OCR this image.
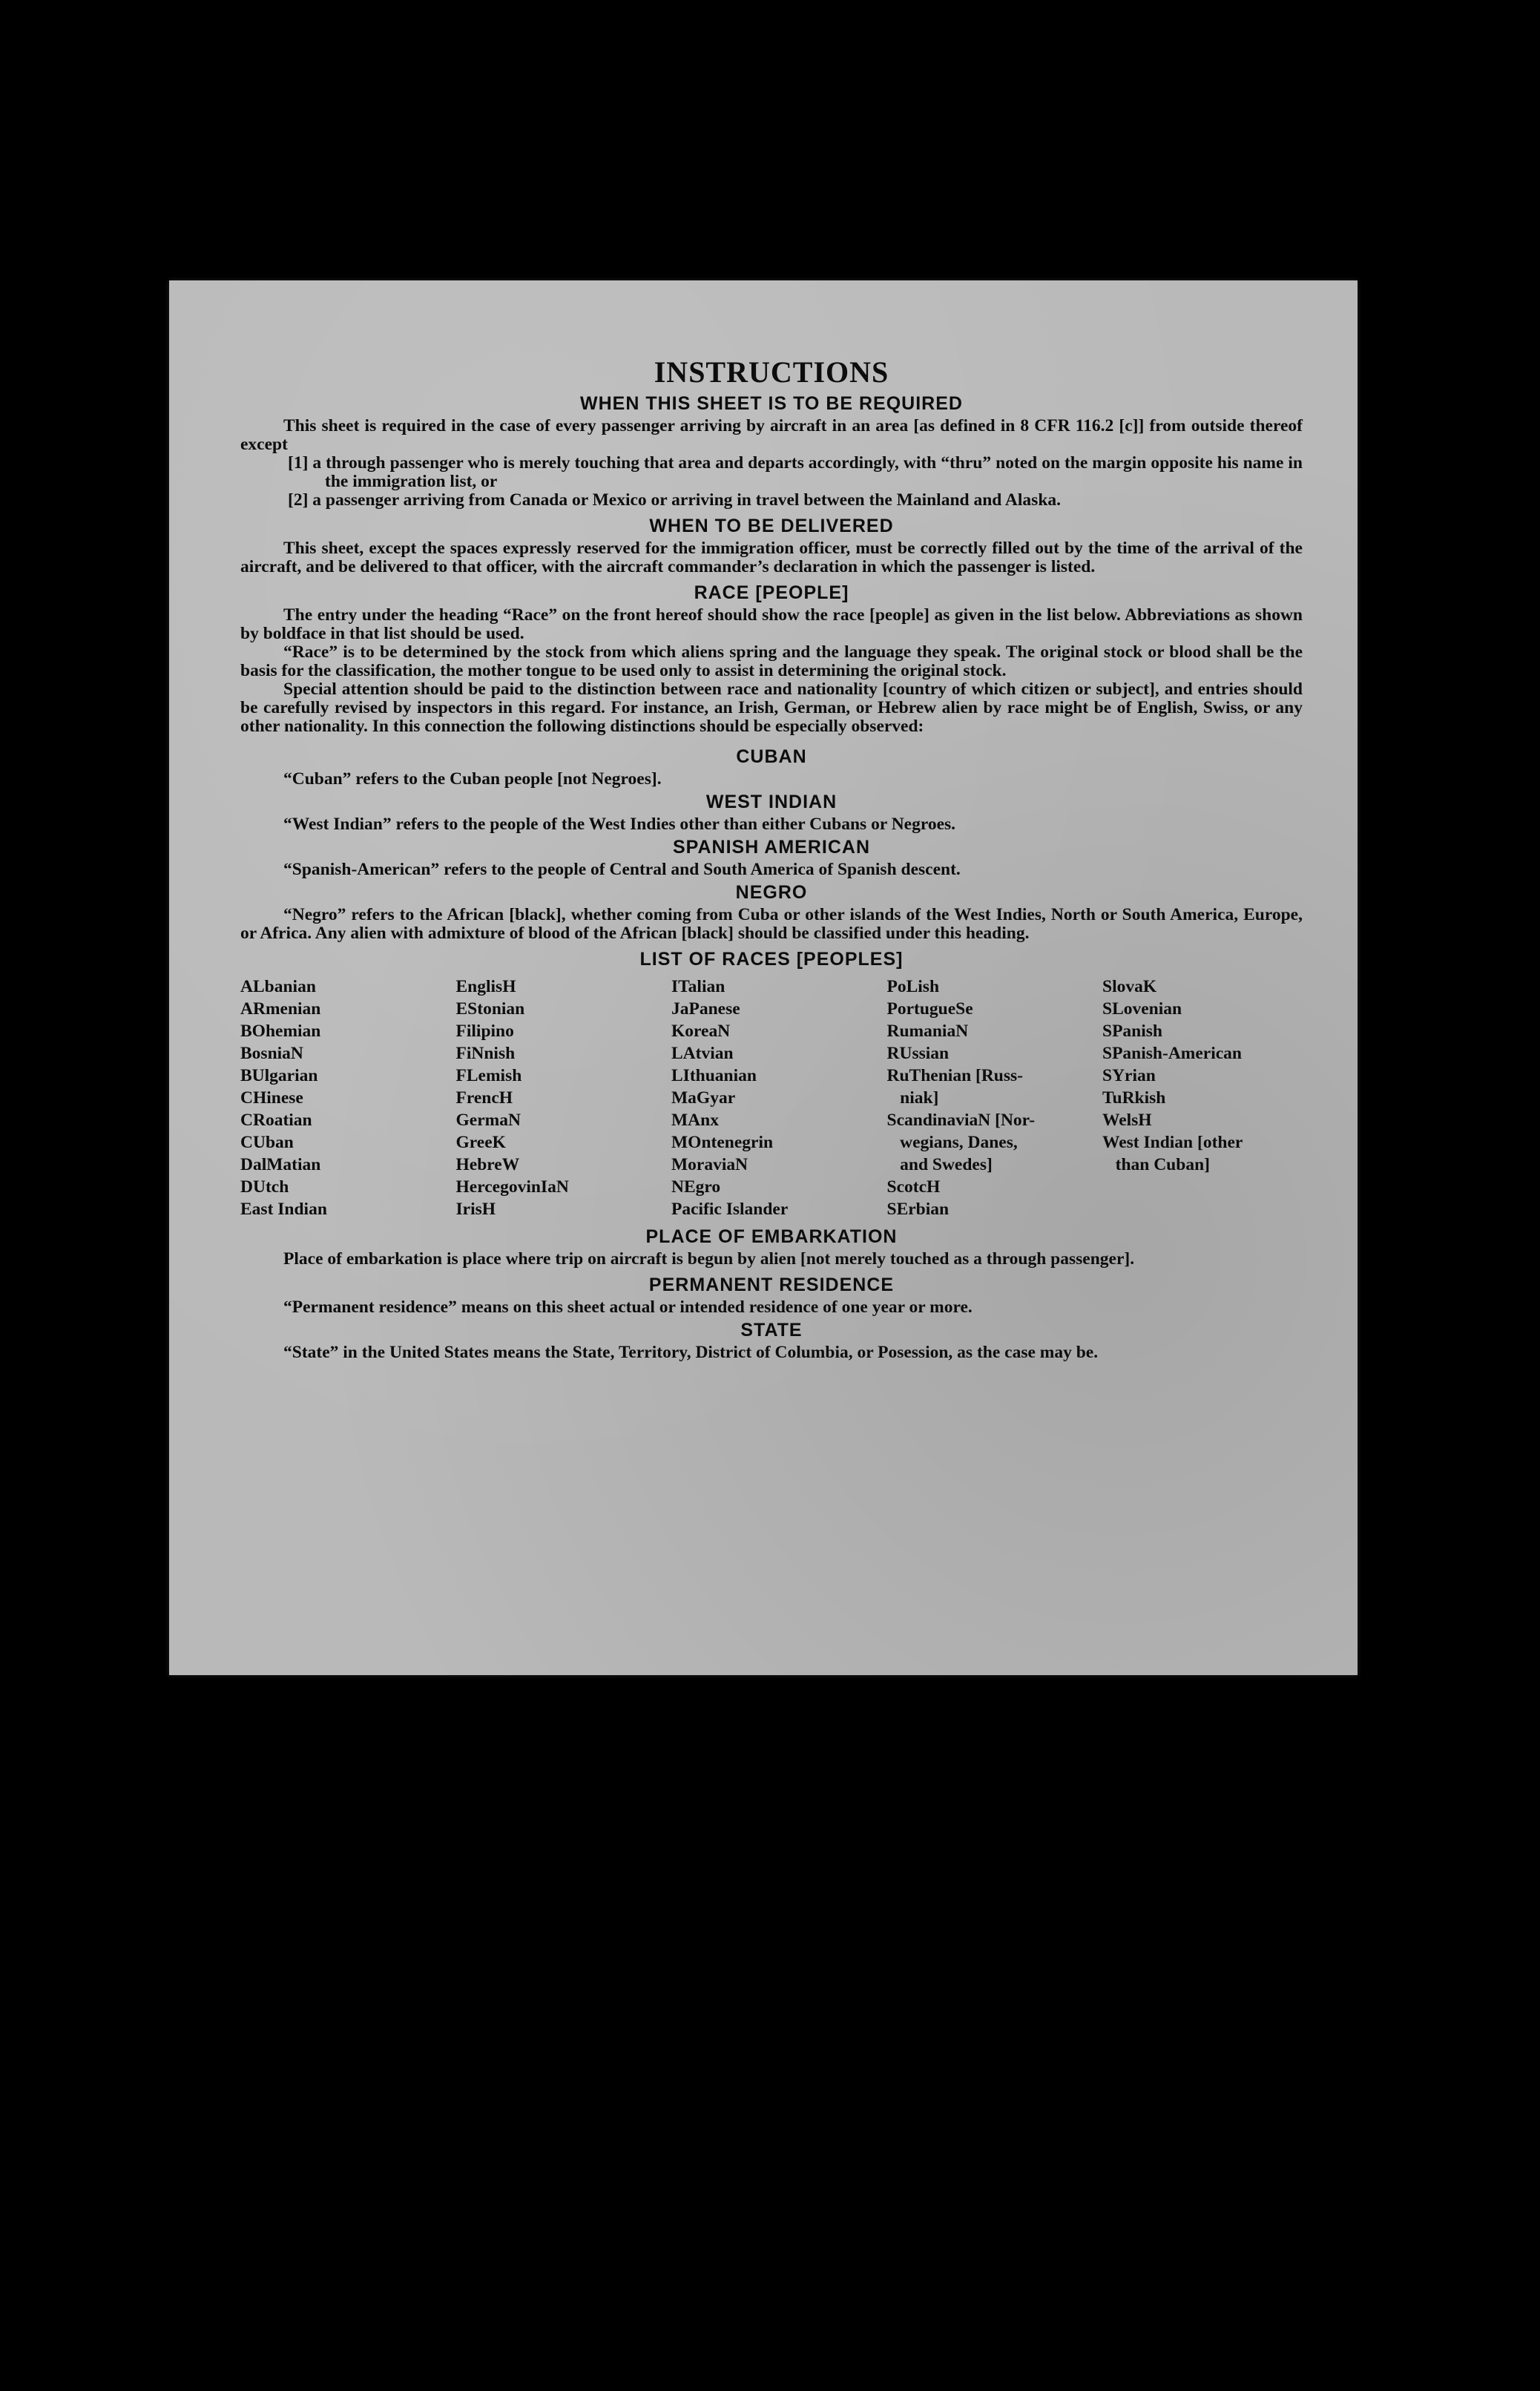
INSTRUCTIONS
WHEN THIS SHEET IS TO BE REQUIRED

This sheet is required in the case of every passenger arriving by aircraft in an area [as defined in 8 CFR 116.2 [c]] from outside thereof except

[1] a through passenger who is merely touching that area and departs accordingly, with “thru” noted on the margin opposite his name in the immigration list, or

[2] a passenger arriving from Canada or Mexico or arriving in travel between the Mainland and Alaska.

WHEN TO BE DELIVERED

This sheet, except the spaces expressly reserved for the immigration officer, must be correctly filled out by the time of the arrival of the aircraft, and be delivered to that officer, with the aircraft commander’s declaration in which the passenger is listed.

RACE [PEOPLE]

The entry under the heading “Race” on the front hereof should show the race [people] as given in the list below. Abbreviations as shown by boldface in that list should be used.

“Race” is to be determined by the stock from which aliens spring and the language they speak. The original stock or blood shall be the basis for the classification, the mother tongue to be used only to assist in determining the original stock.

Special attention should be paid to the distinction between race and nationality [country of which citizen or subject], and entries should be carefully revised by inspectors in this regard. For instance, an Irish, German, or Hebrew alien by race might be of English, Swiss, or any other nationality. In this connection the following distinctions should be especially observed:

CUBAN

“Cuban” refers to the Cuban people [not Negroes].

WEST INDIAN

“West Indian” refers to the people of the West Indies other than either Cubans or Negroes.

SPANISH AMERICAN

“Spanish-American” refers to the people of Central and South America of Spanish descent.

NEGRO

“Negro” refers to the African [black], whether coming from Cuba or other islands of the West Indies, North or South America, Europe, or Africa. Any alien with admixture of blood of the African [black] should be classified under this heading.

LIST OF RACES [PEOPLES]
ALbanian
ARmenian
BOhemian
BosniaN
BUlgarian
CHinese
CRoatian
CUban
DalMatian
DUtch
East Indian
EnglisH
EStonian
Filipino
FiNnish
FLemish
FrencH
GermaN
GreeK
HebreW
HercegovinIaN
IrisH
ITalian
JaPanese
KoreaN
LAtvian
LIthuanian
MaGyar
MAnx
MOntenegrin
MoraviaN
NEgro
Pacific Islander
PoLish
PortugueSe
RumaniaN
RUssian
RuThenian [Russ-
niak]
ScandinaviaN [Nor-
wegians, Danes,
and Swedes]
ScotcH
SErbian
SlovaK
SLovenian
SPanish
SPanish-American
SYrian
TuRkish
WelsH
West Indian [other
than Cuban]
PLACE OF EMBARKATION

Place of embarkation is place where trip on aircraft is begun by alien [not merely touched as a through passenger].

PERMANENT RESIDENCE

“Permanent residence” means on this sheet actual or intended residence of one year or more.

STATE

“State” in the United States means the State, Territory, District of Columbia, or Posession, as the case may be.
